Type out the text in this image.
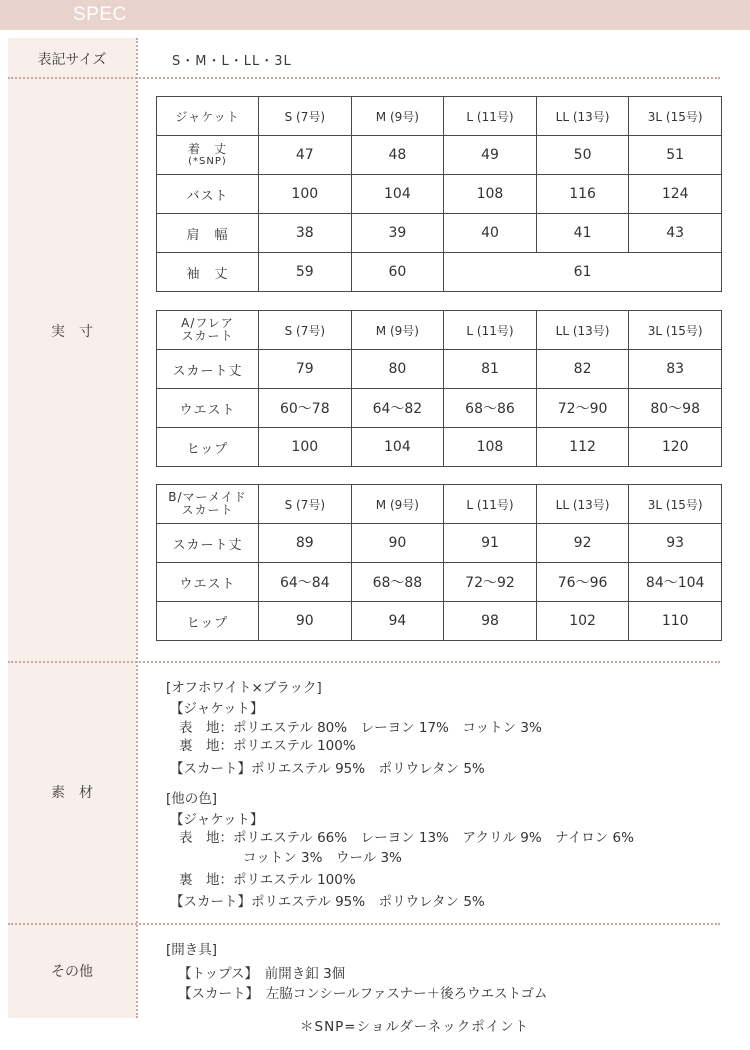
SPEC
表記サイズ
実　寸
素　材
その他
S・M・L・LL・3L
ジャケット	S (7号)	M (9号)	L (11号)	LL (13号)	3L (15号)
着　丈
(*SNP)	47	48	49	50	51
バスト	100	104	108	116	124
肩　幅	38	39	40	41	43
袖　丈	59	60	61		
A/フレア
スカート	S (7号)	M (9号)	L (11号)	LL (13号)	3L (15号)
スカート丈	79	80	81	82	83
ウエスト	60〜78	64〜82	68〜86	72〜90	80〜98
ヒップ	100	104	108	112	120
B/マーメイド
スカート	S (7号)	M (9号)	L (11号)	LL (13号)	3L (15号)
スカート丈	89	90	91	92	93
ウエスト	64〜84	68〜88	72〜92	76〜96	84〜104
ヒップ	90	94	98	102	110
[オフホワイト×ブラック]
【ジャケット】
表　地：ポリエステル 80%　レーヨン 17%　コットン 3%
裏　地：ポリエステル 100%
【スカート】ポリエステル 95%　ポリウレタン 5%
[他の色]
【ジャケット】
表　地：ポリエステル 66%　レーヨン 13%　アクリル 9%　ナイロン 6%
コットン 3%　ウール 3%
裏　地：ポリエステル 100%
【スカート】ポリエステル 95%　ポリウレタン 5%
[開き具]
【トップス】　前開き釦 3個
【スカート】　左脇コンシールファスナー＋後ろウエストゴム
＊SNP=ショルダーネックポイント
